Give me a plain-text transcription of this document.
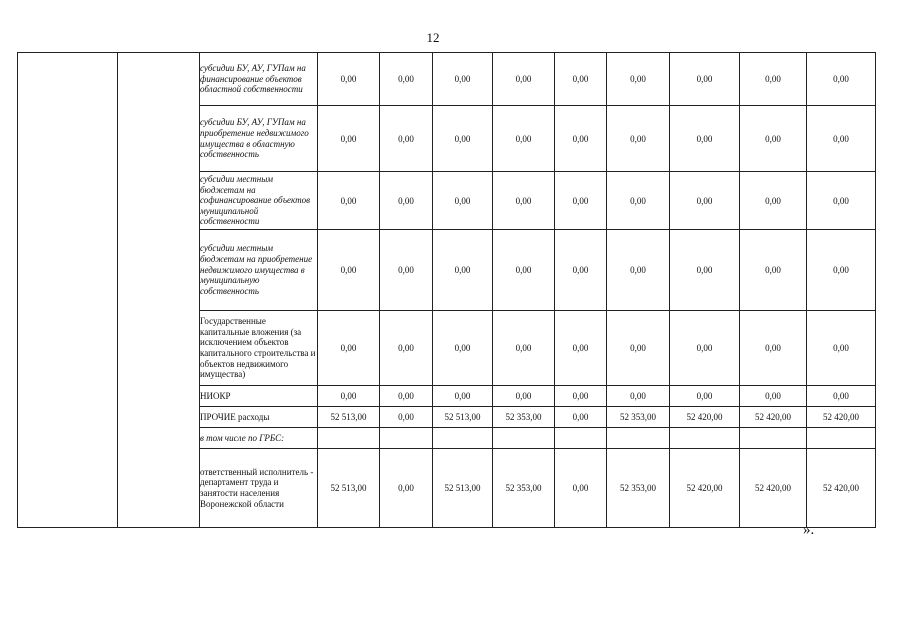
12
		субсидии БУ, АУ, ГУПам на финансирование объектов областной собственности	0,00	0,00	0,00	0,00	0,00	0,00	0,00	0,00	0,00
		субсидии БУ, АУ, ГУПам на приобретение недвижимого имущества в областную собственность	0,00	0,00	0,00	0,00	0,00	0,00	0,00	0,00	0,00
		субсидии местным бюджетам на софинансирование объектов муниципальной собственности	0,00	0,00	0,00	0,00	0,00	0,00	0,00	0,00	0,00
		субсидии местным бюджетам на приобретение недвижимого имущества в муниципальную собственность	0,00	0,00	0,00	0,00	0,00	0,00	0,00	0,00	0,00
		Государственные капитальные вложения (за исключением объектов капитального строительства и объектов недвижимого имущества)	0,00	0,00	0,00	0,00	0,00	0,00	0,00	0,00	0,00
		НИОКР	0,00	0,00	0,00	0,00	0,00	0,00	0,00	0,00	0,00
		ПРОЧИЕ расходы	52 513,00	0,00	52 513,00	52 353,00	0,00	52 353,00	52 420,00	52 420,00	52 420,00
		в том числе по ГРБС:									
		ответственный исполнитель - департамент труда и занятости населения Воронежской области	52 513,00	0,00	52 513,00	52 353,00	0,00	52 353,00	52 420,00	52 420,00	52 420,00
».
